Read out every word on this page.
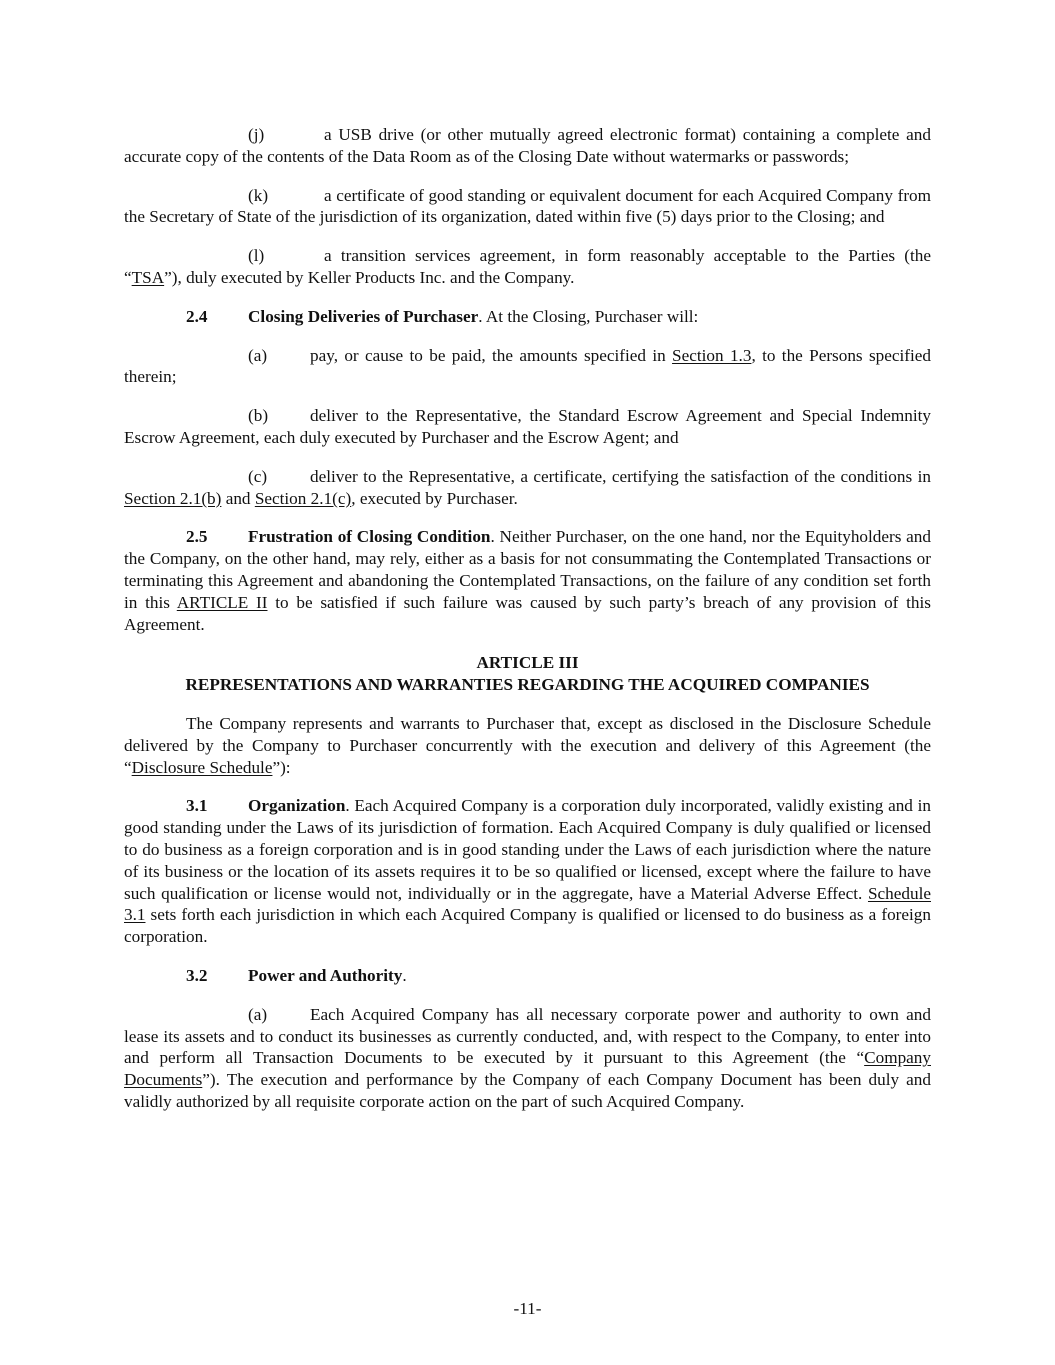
(j)	a USB drive (or other mutually agreed electronic format) containing a complete and accurate copy of the contents of the Data Room as of the Closing Date without watermarks or passwords;

(k)	a certificate of good standing or equivalent document for each Acquired Company from the Secretary of State of the jurisdiction of its organization, dated within five (5) days prior to the Closing; and

(l)	a transition services agreement, in form reasonably acceptable to the Parties (the “TSA”), duly executed by Keller Products Inc. and the Company.

2.4 Closing Deliveries of Purchaser. At the Closing, Purchaser will:

(a) pay, or cause to be paid, the amounts specified in Section 1.3, to the Persons specified therein;

(b) deliver to the Representative, the Standard Escrow Agreement and Special Indemnity Escrow Agreement, each duly executed by Purchaser and the Escrow Agent; and

(c) deliver to the Representative, a certificate, certifying the satisfaction of the conditions in Section 2.1(b) and Section 2.1(c), executed by Purchaser.

2.5 Frustration of Closing Condition. Neither Purchaser, on the one hand, nor the Equityholders and the Company, on the other hand, may rely, either as a basis for not consummating the Contemplated Transactions or terminating this Agreement and abandoning the Contemplated Transactions, on the failure of any condition set forth in this ARTICLE II to be satisfied if such failure was caused by such party’s breach of any provision of this Agreement.

ARTICLE III
REPRESENTATIONS AND WARRANTIES REGARDING THE ACQUIRED COMPANIES

The Company represents and warrants to Purchaser that, except as disclosed in the Disclosure Schedule delivered by the Company to Purchaser concurrently with the execution and delivery of this Agreement (the “Disclosure Schedule”):

3.1 Organization. Each Acquired Company is a corporation duly incorporated, validly existing and in good standing under the Laws of its jurisdiction of formation. Each Acquired Company is duly qualified or licensed to do business as a foreign corporation and is in good standing under the Laws of each jurisdiction where the nature of its business or the location of its assets requires it to be so qualified or licensed, except where the failure to have such qualification or license would not, individually or in the aggregate, have a Material Adverse Effect. Schedule 3.1 sets forth each jurisdiction in which each Acquired Company is qualified or licensed to do business as a foreign corporation.

3.2 Power and Authority.

(a) Each Acquired Company has all necessary corporate power and authority to own and lease its assets and to conduct its businesses as currently conducted, and, with respect to the Company, to enter into and perform all Transaction Documents to be executed by it pursuant to this Agreement (the “Company Documents”). The execution and performance by the Company of each Company Document has been duly and validly authorized by all requisite corporate action on the part of such Acquired Company.

-11-
